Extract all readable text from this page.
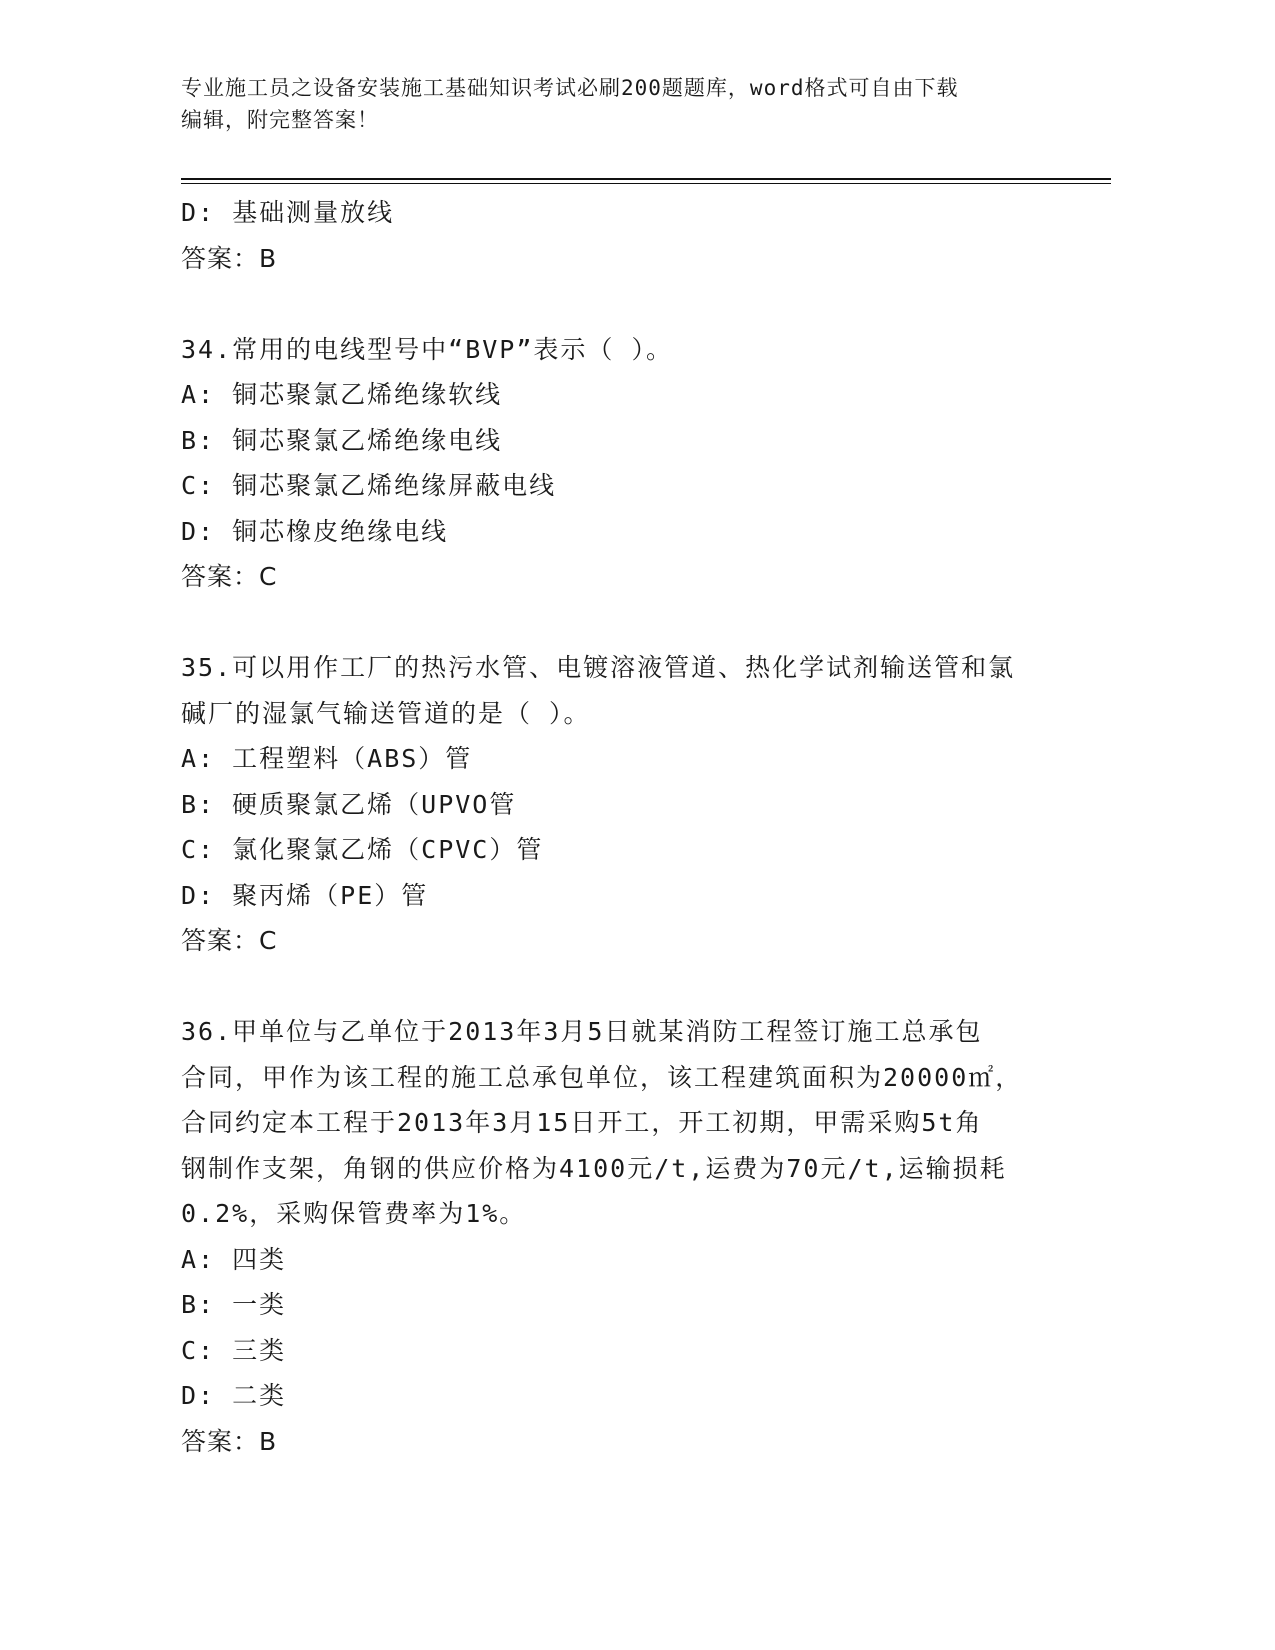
专业施工员之设备安装施工基础知识考试必刷200题题库，word格式可自由下载
编辑，附完整答案！
D: 基础测量放线
答案：B
34.常用的电线型号中“BVP”表示（ ）。
A: 铜芯聚氯乙烯绝缘软线
B: 铜芯聚氯乙烯绝缘电线
C: 铜芯聚氯乙烯绝缘屏蔽电线
D: 铜芯橡皮绝缘电线
答案：C
35.可以用作工厂的热污水管、电镀溶液管道、热化学试剂输送管和氯
碱厂的湿氯气输送管道的是（ ）。
A: 工程塑料（ABS）管
B: 硬质聚氯乙烯（UPVO管
C: 氯化聚氯乙烯（CPVC）管
D: 聚丙烯（PE）管
答案：C
36.甲单位与乙单位于2013年3月5日就某消防工程签订施工总承包
合同，甲作为该工程的施工总承包单位，该工程建筑面积为20000㎡，
合同约定本工程于2013年3月15日开工，开工初期，甲需采购5t角
钢制作支架，角钢的供应价格为4100元/t,运费为70元/t,运输损耗
0.2%，采购保管费率为1%。
A: 四类
B: 一类
C: 三类
D: 二类
答案：B
